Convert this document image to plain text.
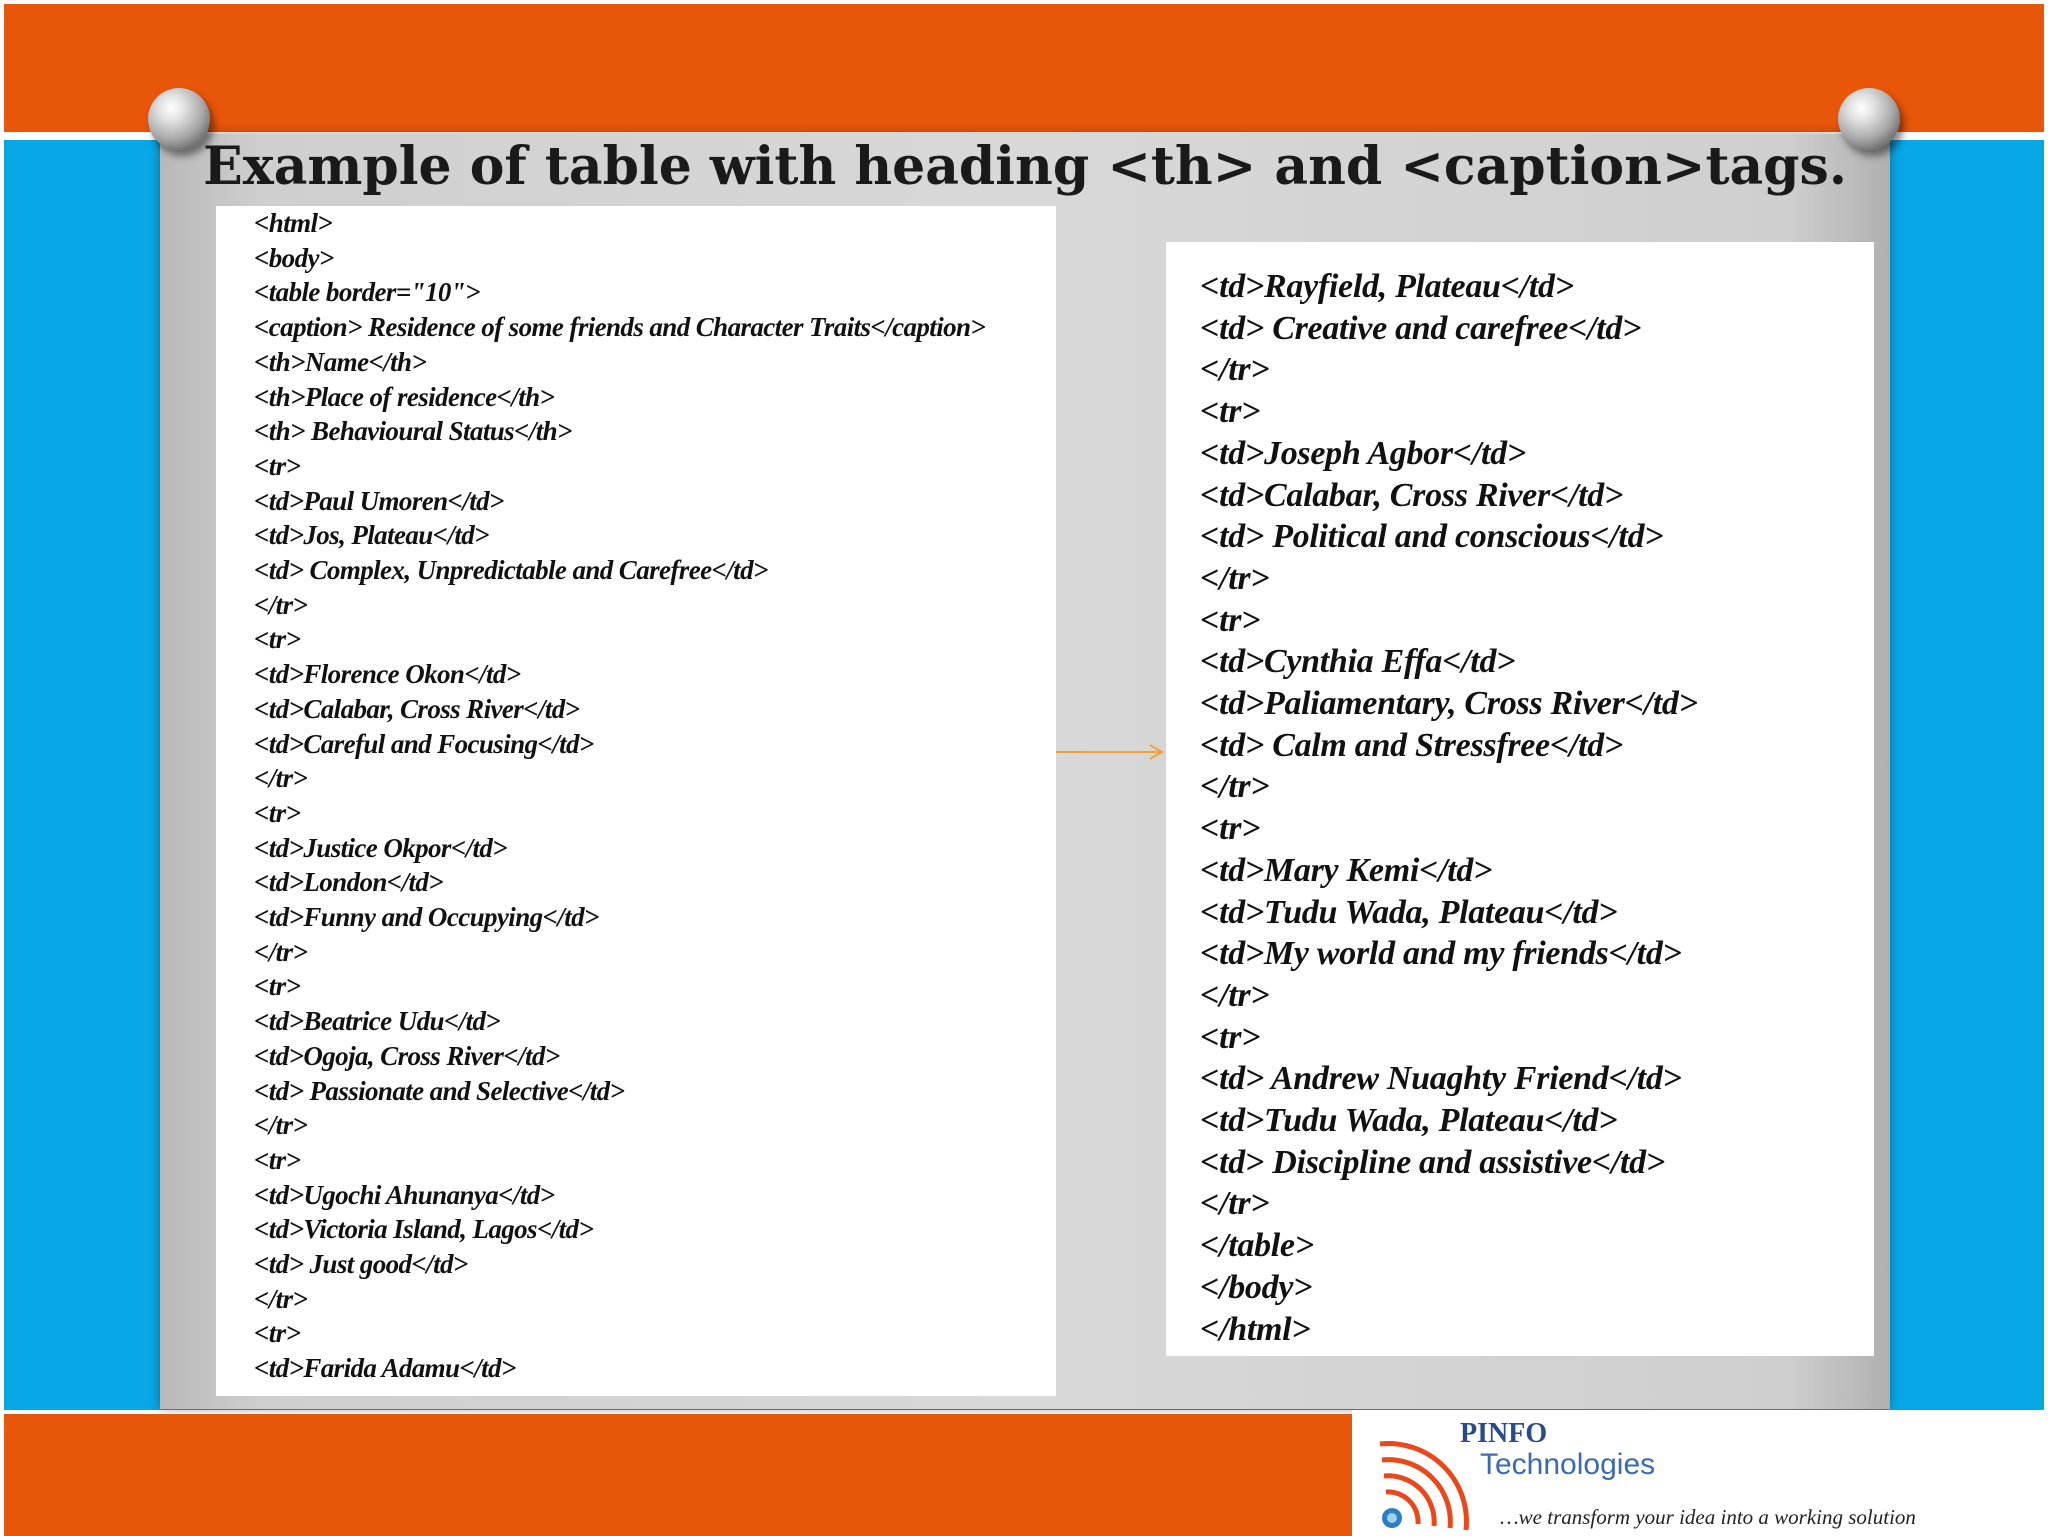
Example of table with heading <th> and <caption>tags.
<html>
<body>
<table border="10">
<caption> Residence of some friends and Character Traits</caption>
<th>Name</th>
<th>Place of residence</th>
<th> Behavioural Status</th>
<tr>
<td>Paul Umoren</td>
<td>Jos, Plateau</td>
<td> Complex, Unpredictable and Carefree</td>
</tr>
<tr>
<td>Florence Okon</td>
<td>Calabar, Cross River</td>
<td>Careful and Focusing</td>
</tr>
<tr>
<td>Justice Okpor</td>
<td>London</td>
<td>Funny and Occupying</td>
</tr>
<tr>
<td>Beatrice Udu</td>
<td>Ogoja, Cross River</td>
<td> Passionate and Selective</td>
</tr>
<tr>
<td>Ugochi Ahunanya</td>
<td>Victoria Island, Lagos</td>
<td> Just good</td>
</tr>
<tr>
<td>Farida Adamu</td>
<td>Rayfield, Plateau</td>
<td> Creative and carefree</td>
</tr>
<tr>
<td>Joseph Agbor</td>
<td>Calabar, Cross River</td>
<td> Political and conscious</td>
</tr>
<tr>
<td>Cynthia Effa</td>
<td>Paliamentary, Cross River</td>
<td> Calm and Stressfree</td>
</tr>
<tr>
<td>Mary Kemi</td>
<td>Tudu Wada, Plateau</td>
<td>My world and my friends</td>
</tr>
<tr>
<td> Andrew Nuaghty Friend</td>
<td>Tudu Wada, Plateau</td>
<td> Discipline and assistive</td>
</tr>
</table>
</body>
</html>
PINFO
Technologies
…we transform your idea into a working solution
